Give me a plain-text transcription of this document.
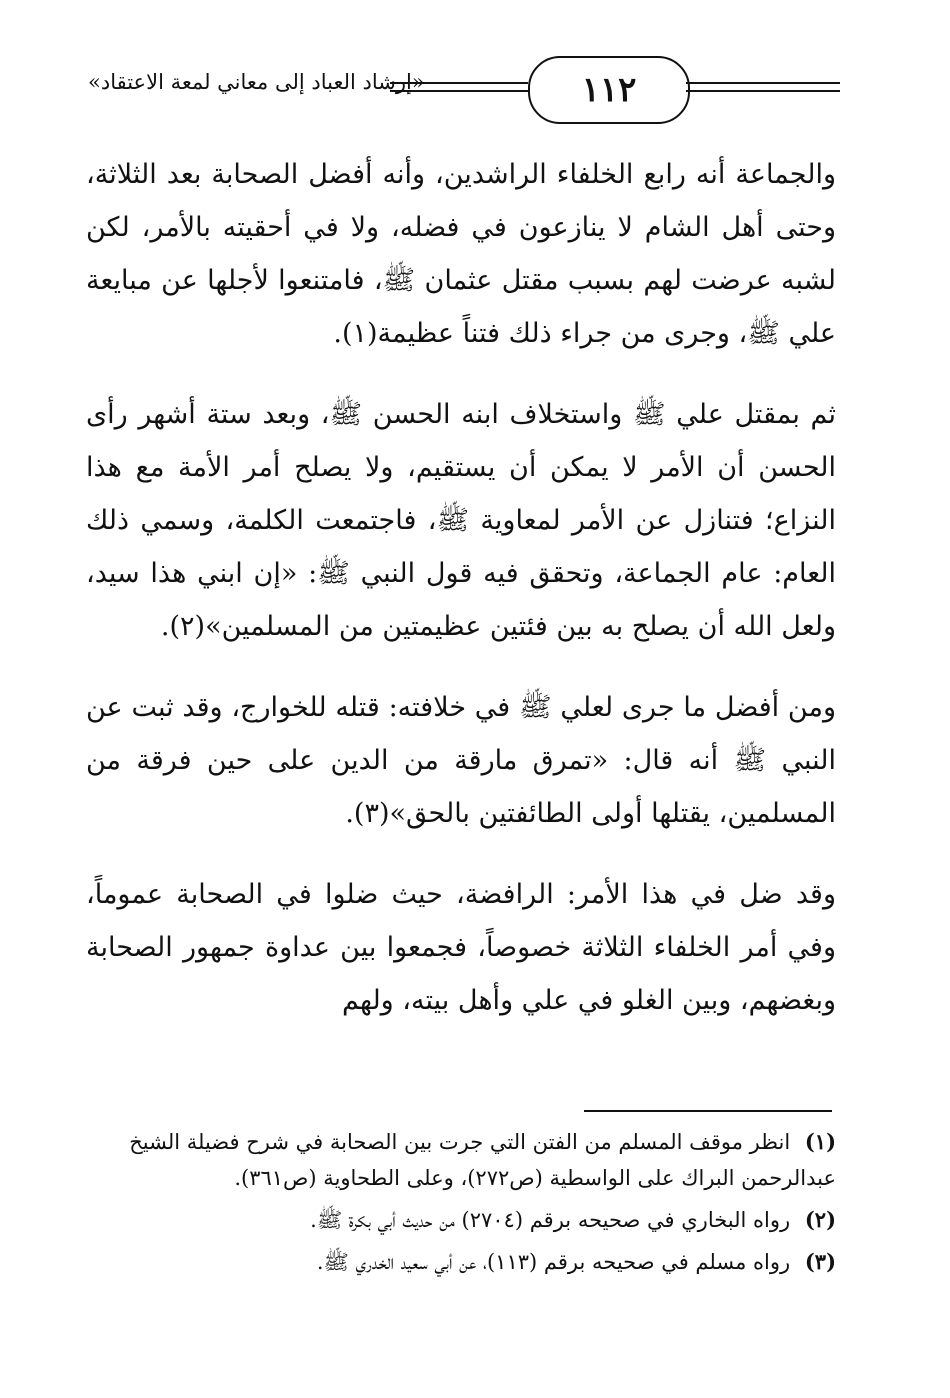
«إرشاد العباد إلى معاني لمعة الاعتقاد»	١١٢

والجماعة أنه رابع الخلفاء الراشدين، وأنه أفضل الصحابة بعد الثلاثة، وحتى أهل الشام لا ينازعون في فضله، ولا في أحقيته بالأمر، لكن لشبه عرضت لهم بسبب مقتل عثمان ﷺ، فامتنعوا لأجلها عن مبايعة علي ﷺ، وجرى من جراء ذلك فتناً عظيمة(١).

ثم بمقتل علي ﷺ واستخلاف ابنه الحسن ﷺ، وبعد ستة أشهر رأى الحسن أن الأمر لا يمكن أن يستقيم، ولا يصلح أمر الأمة مع هذا النزاع؛ فتنازل عن الأمر لمعاوية ﷺ، فاجتمعت الكلمة، وسمي ذلك العام: عام الجماعة، وتحقق فيه قول النبي ﷺ: «إن ابني هذا سيد، ولعل الله أن يصلح به بين فئتين عظيمتين من المسلمين»(٢).

ومن أفضل ما جرى لعلي ﷺ في خلافته: قتله للخوارج، وقد ثبت عن النبي ﷺ أنه قال: «تمرق مارقة من الدين على حين فرقة من المسلمين، يقتلها أولى الطائفتين بالحق»(٣).

وقد ضل في هذا الأمر: الرافضة، حيث ضلوا في الصحابة عموماً، وفي أمر الخلفاء الثلاثة خصوصاً، فجمعوا بين عداوة جمهور الصحابة وبغضهم، وبين الغلو في علي وأهل بيته، ولهم

(١) انظر موقف المسلم من الفتن التي جرت بين الصحابة في شرح فضيلة الشيخ عبدالرحمن البراك على الواسطية (ص٢٧٢)، وعلى الطحاوية (ص٣٦١).
(٢) رواه البخاري في صحيحه برقم (٢٧٠٤) من حديث أبي بكرة ﷺ.
(٣) رواه مسلم في صحيحه برقم (١١٣)، عن أبي سعيد الخدري ﷺ.
